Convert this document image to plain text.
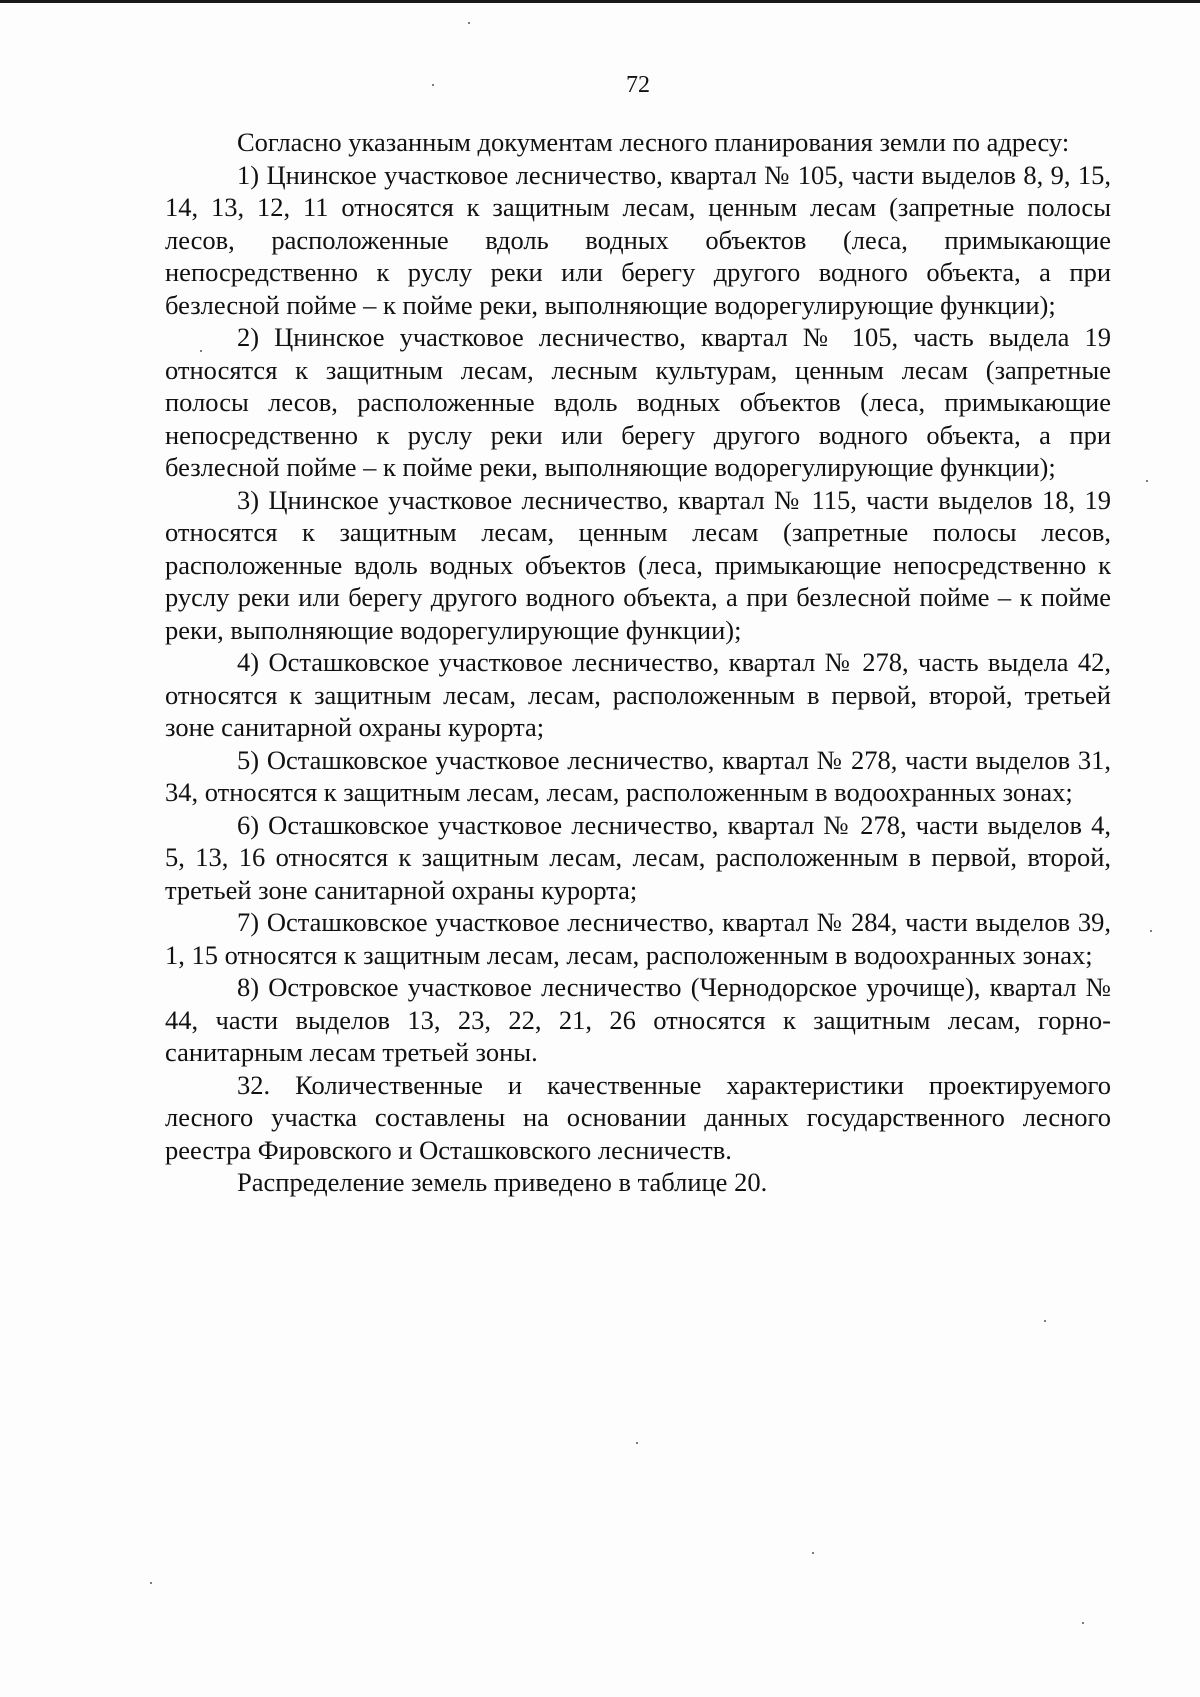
72

Согласно указанным документам лесного планирования земли по адресу:

1) Цнинское участковое лесничество, квартал № 105, части выделов 8, 9, 15, 14, 13, 12, 11 относятся к защитным лесам, ценным лесам (запретные полосы лесов, расположенные вдоль водных объектов (леса, примыкающие непосредственно к руслу реки или берегу другого водного объекта, а при безлесной пойме – к пойме реки, выполняющие водорегулирующие функции);

2) Цнинское участковое лесничество, квартал № 105, часть выдела 19 относятся к защитным лесам, лесным культурам, ценным лесам (запретные полосы лесов, расположенные вдоль водных объектов (леса, примыкающие непосредственно к руслу реки или берегу другого водного объекта, а при безлесной пойме – к пойме реки, выполняющие водорегулирующие функции);

3) Цнинское участковое лесничество, квартал № 115, части выделов 18, 19 относятся к защитным лесам, ценным лесам (запретные полосы лесов, расположенные вдоль водных объектов (леса, примыкающие непосредственно к руслу реки или берегу другого водного объекта, а при безлесной пойме – к пойме реки, выполняющие водорегулирующие функции);

4) Осташковское участковое лесничество, квартал № 278, часть выдела 42, относятся к защитным лесам, лесам, расположенным в первой, второй, третьей зоне санитарной охраны курорта;

5) Осташковское участковое лесничество, квартал № 278, части выделов 31, 34, относятся к защитным лесам, лесам, расположенным в водоохранных зонах;

6) Осташковское участковое лесничество, квартал № 278, части выделов 4, 5, 13, 16 относятся к защитным лесам, лесам, расположенным в первой, второй, третьей зоне санитарной охраны курорта;

7) Осташковское участковое лесничество, квартал № 284, части выделов 39, 1, 15 относятся к защитным лесам, лесам, расположенным в водоохранных зонах;

8) Островское участковое лесничество (Чернодорское урочище), квартал № 44, части выделов 13, 23, 22, 21, 26 относятся к защитным лесам, горно-санитарным лесам третьей зоны.

32. Количественные и качественные характеристики проектируемого лесного участка составлены на основании данных государственного лесного реестра Фировского и Осташковского лесничеств.

Распределение земель приведено в таблице 20.
